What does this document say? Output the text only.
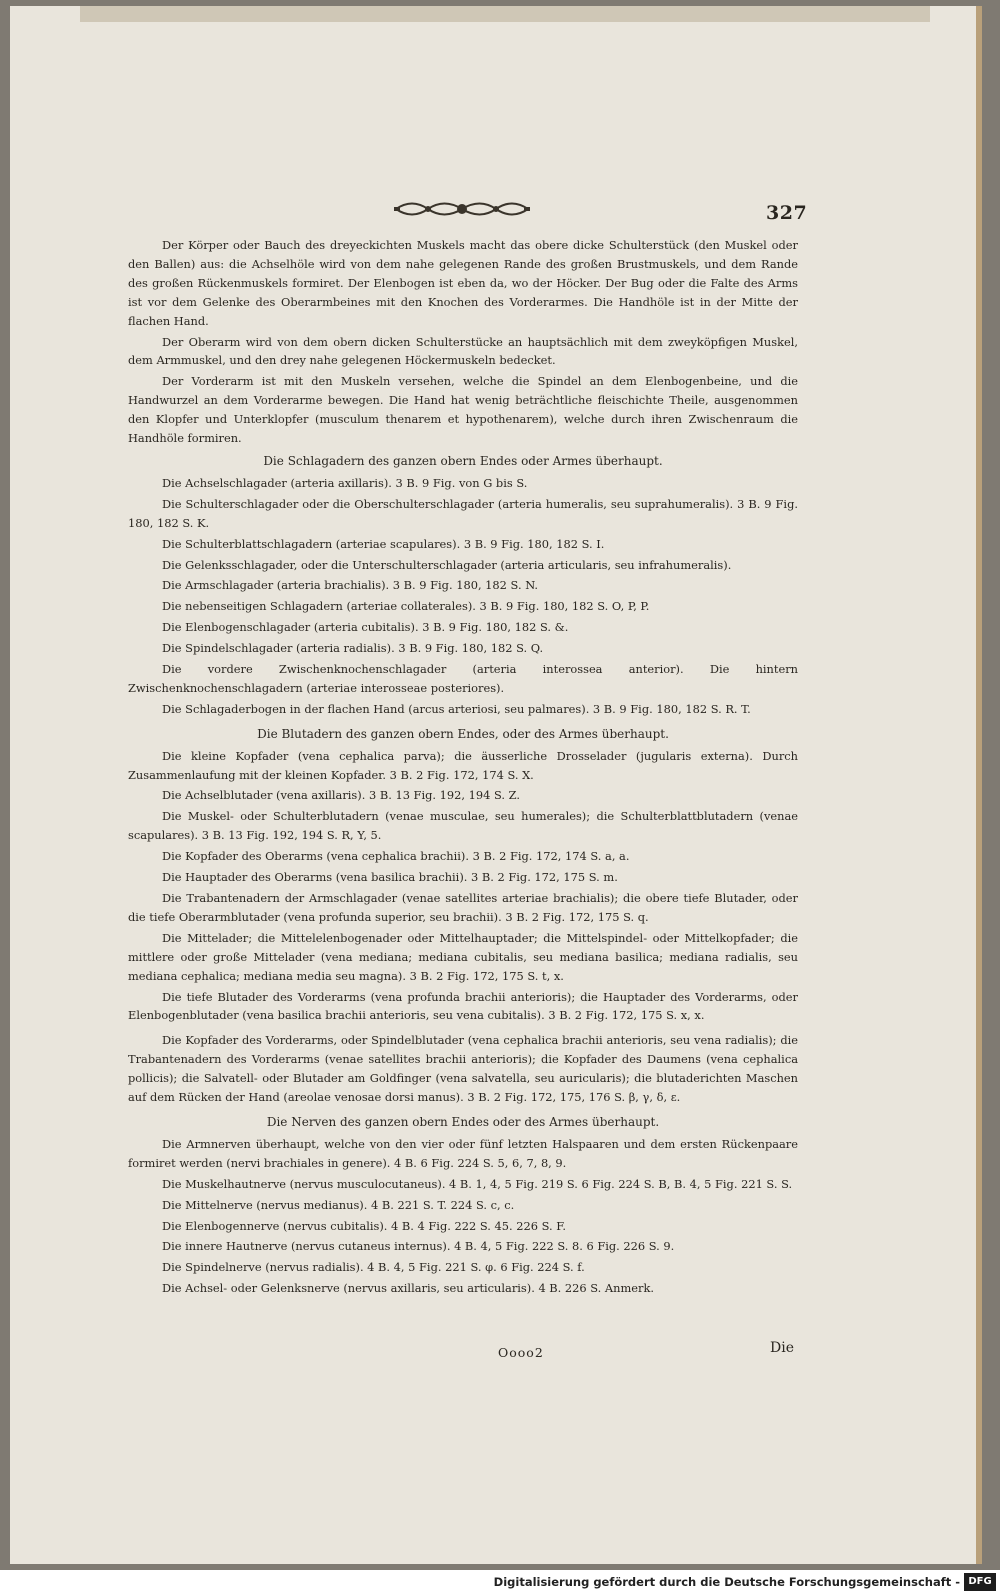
327

Der Körper oder Bauch des dreyeckichten Muskels macht das obere dicke Schulterstück (den Muskel oder den Ballen) aus: die Achselhöle wird von dem nahe gelegenen Rande des großen Brustmuskels, und dem Rande des großen Rückenmuskels formiret. Der Elenbogen ist eben da, wo der Höcker. Der Bug oder die Falte des Arms ist vor dem Gelenke des Oberarmbeines mit den Knochen des Vorderarmes. Die Handhöle ist in der Mitte der flachen Hand.

Der Oberarm wird von dem obern dicken Schulterstücke an hauptsächlich mit dem zweyköpfigen Muskel, dem Armmuskel, und den drey nahe gelegenen Höckermuskeln bedecket.

Der Vorderarm ist mit den Muskeln versehen, welche die Spindel an dem Elenbogenbeine, und die Handwurzel an dem Vorderarme bewegen. Die Hand hat wenig beträchtliche fleischichte Theile, ausgenommen den Klopfer und Unterklopfer (musculum thenarem et hypothenarem), welche durch ihren Zwischenraum die Handhöle formiren.

Die Schlagadern des ganzen obern Endes oder Armes überhaupt.

Die Achselschlagader (arteria axillaris). 3 B. 9 Fig. von G bis S.

Die Schulterschlagader oder die Oberschulterschlagader (arteria humeralis, seu suprahumeralis). 3 B. 9 Fig. 180, 182 S. K.

Die Schulterblattschlagadern (arteriae scapulares). 3 B. 9 Fig. 180, 182 S. I.

Die Gelenksschlagader, oder die Unterschulterschlagader (arteria articularis, seu infrahumeralis).

Die Armschlagader (arteria brachialis). 3 B. 9 Fig. 180, 182 S. N.

Die nebenseitigen Schlagadern (arteriae collaterales). 3 B. 9 Fig. 180, 182 S. O, P, P.

Die Elenbogenschlagader (arteria cubitalis). 3 B. 9 Fig. 180, 182 S. &.

Die Spindelschlagader (arteria radialis). 3 B. 9 Fig. 180, 182 S. Q.

Die vordere Zwischenknochenschlagader (arteria interossea anterior). Die hintern Zwischenknochenschlagadern (arteriae interosseae posteriores).

Die Schlagaderbogen in der flachen Hand (arcus arteriosi, seu palmares). 3 B. 9 Fig. 180, 182 S. R. T.

Die Blutadern des ganzen obern Endes, oder des Armes überhaupt.

Die kleine Kopfader (vena cephalica parva); die äusserliche Drosselader (jugularis externa). Durch Zusammenlaufung mit der kleinen Kopfader. 3 B. 2 Fig. 172, 174 S. X.

Die Achselblutader (vena axillaris). 3 B. 13 Fig. 192, 194 S. Z.

Die Muskel- oder Schulterblutadern (venae musculae, seu humerales); die Schulterblattblutadern (venae scapulares). 3 B. 13 Fig. 192, 194 S. R, Y, 5.

Die Kopfader des Oberarms (vena cephalica brachii). 3 B. 2 Fig. 172, 174 S. a, a.

Die Hauptader des Oberarms (vena basilica brachii). 3 B. 2 Fig. 172, 175 S. m.

Die Trabantenadern der Armschlagader (venae satellites arteriae brachialis); die obere tiefe Blutader, oder die tiefe Oberarmblutader (vena profunda superior, seu brachii). 3 B. 2 Fig. 172, 175 S. q.

Die Mittelader; die Mittelelenbogenader oder Mittelhauptader; die Mittelspindel- oder Mittelkopfader; die mittlere oder große Mittelader (vena mediana; mediana cubitalis, seu mediana basilica; mediana radialis, seu mediana cephalica; mediana media seu magna). 3 B. 2 Fig. 172, 175 S. t, x.

Die tiefe Blutader des Vorderarms (vena profunda brachii anterioris); die Hauptader des Vorderarms, oder Elenbogenblutader (vena basilica brachii anterioris, seu vena cubitalis). 3 B. 2 Fig. 172, 175 S. x, x.

Die Kopfader des Vorderarms, oder Spindelblutader (vena cephalica brachii anterioris, seu vena radialis); die Trabantenadern des Vorderarms (venae satellites brachii anterioris); die Kopfader des Daumens (vena cephalica pollicis); die Salvatell- oder Blutader am Goldfinger (vena salvatella, seu auricularis); die blutaderichten Maschen auf dem Rücken der Hand (areolae venosae dorsi manus). 3 B. 2 Fig. 172, 175, 176 S. β, γ, δ, ε.

Die Nerven des ganzen obern Endes oder des Armes überhaupt.

Die Armnerven überhaupt, welche von den vier oder fünf letzten Halspaaren und dem ersten Rückenpaare formiret werden (nervi brachiales in genere). 4 B. 6 Fig. 224 S. 5, 6, 7, 8, 9.

Die Muskelhautnerve (nervus musculocutaneus). 4 B. 1, 4, 5 Fig. 219 S. 6 Fig. 224 S. B, B. 4, 5 Fig. 221 S. S.

Die Mittelnerve (nervus medianus). 4 B. 221 S. T. 224 S. c, c.

Die Elenbogennerve (nervus cubitalis). 4 B. 4 Fig. 222 S. 45. 226 S. F.

Die innere Hautnerve (nervus cutaneus internus). 4 B. 4, 5 Fig. 222 S. 8. 6 Fig. 226 S. 9.

Die Spindelnerve (nervus radialis). 4 B. 4, 5 Fig. 221 S. φ. 6 Fig. 224 S. f.

Die Achsel- oder Gelenksnerve (nervus axillaris, seu articularis). 4 B. 226 S. Anmerk.

Oooo2	Die
Digitalisierung gefördert durch die Deutsche Forschungsgemeinschaft - DFG
